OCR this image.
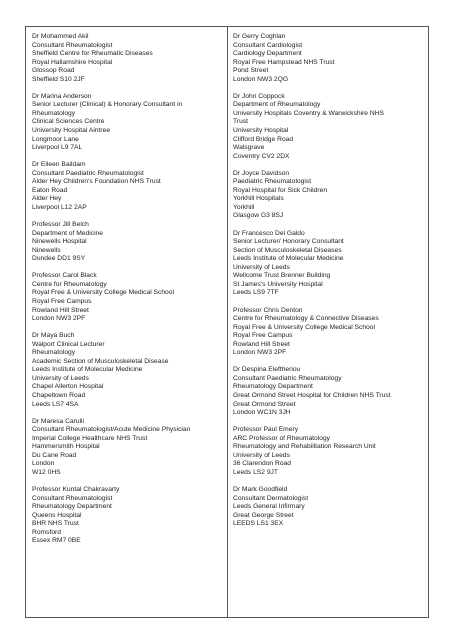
Dr Mohammed Akil
Consultant Rheumatologist
Sheffield Centre for Rheumatic Diseases
Royal Hallamshire Hospital
Glossop Road
Sheffield S10 2JF
Dr Marina Anderson
Senior Lecturer (Clinical) & Honorary Consultant in
Rheumatology
Clinical Sciences Centre
University Hospital Aintree
Longmoor Lane
Liverpool L9 7AL
Dr Eileen Baildam
Consultant Paediatric Rheumatologist
Alder Hey Children's Foundation NHS Trust
Eaton Road
Alder Hey
Liverpool L12 2AP
Professor Jill Belch
Department of Medicine
Ninewells Hospital
Ninewells
Dundee DD1 9SY
Professor Carol Black
Centre for Rheumatology
Royal Free & University College Medical School
Royal Free Campus
Rowland Hill Street
London NW3 2PF
Dr Maya Buch
Walport Clinical Lecturer
Rheumatology
Academic Section of Musculoskeletal Disease
Leeds Institute of Molecular Medicine
University of Leeds
Chapel Allerton Hospital
Chapeltown Road
Leeds LS7 4SA
Dr Maresa Carulli
Consultant Rheumatologist/Acute Medicine Physician
Imperial College Healthcare NHS Trust
Hammersmith Hospital
Du Cane Road
London
W12 0HS
Professor Kuntal Chakravarty
Consultant Rheumatologist
Rheumatology Department
Queens Hospital
BHR NHS Trust
Romsford
Essex RM7 0BE
Dr Gerry Coghlan
Consultant Cardiologist
Cardiology Department
Royal Free Hampstead NHS Trust
Pond Street
London NW3 2QG
Dr John Coppock
Department of Rheumatology
University Hospitals Coventry & Warwickshire NHS
Trust
University Hospital
Clifford Bridge Road
Walsgrave
Coventry CV2 2DX
Dr Joyce Davidson
Paediatric Rheumatologist
Royal Hospital for Sick Children
Yorkhill Hospitals
Yorkhill
Glasgow G3 8SJ
Dr Francesco Del Galdo
Senior Lecturer/ Honorary Consultant
Section of Musculoskeletal Diseases
Leeds Institute of Molecular Medicine
University of Leeds
Wellcome Trust Brenner Building
St James's University Hospital
Leeds LS9 7TF
Professor Chris Denton
Centre for Rheumatology & Connective Diseases
Royal Free & University College Medical School
Royal Free Campus
Rowland Hill Street
London NW3 2PF
Dr Despina Eleftheriou
Consultant Paediatric Rheumatology
Rheumatology Department
Great Ormond Street Hospital for Children NHS Trust
Great Ormond Street
London WC1N 3JH
Professor Paul Emery
ARC Professor of Rheumatology
Rheumatology and Rehabilitation Research Unit
University of Leeds
36 Clarendon Road
Leeds LS2 9JT
Dr Mark Goodfield
Consultant Dermatologist
Leeds General Infirmary
Great George Street
LEEDS LS1 3EX
